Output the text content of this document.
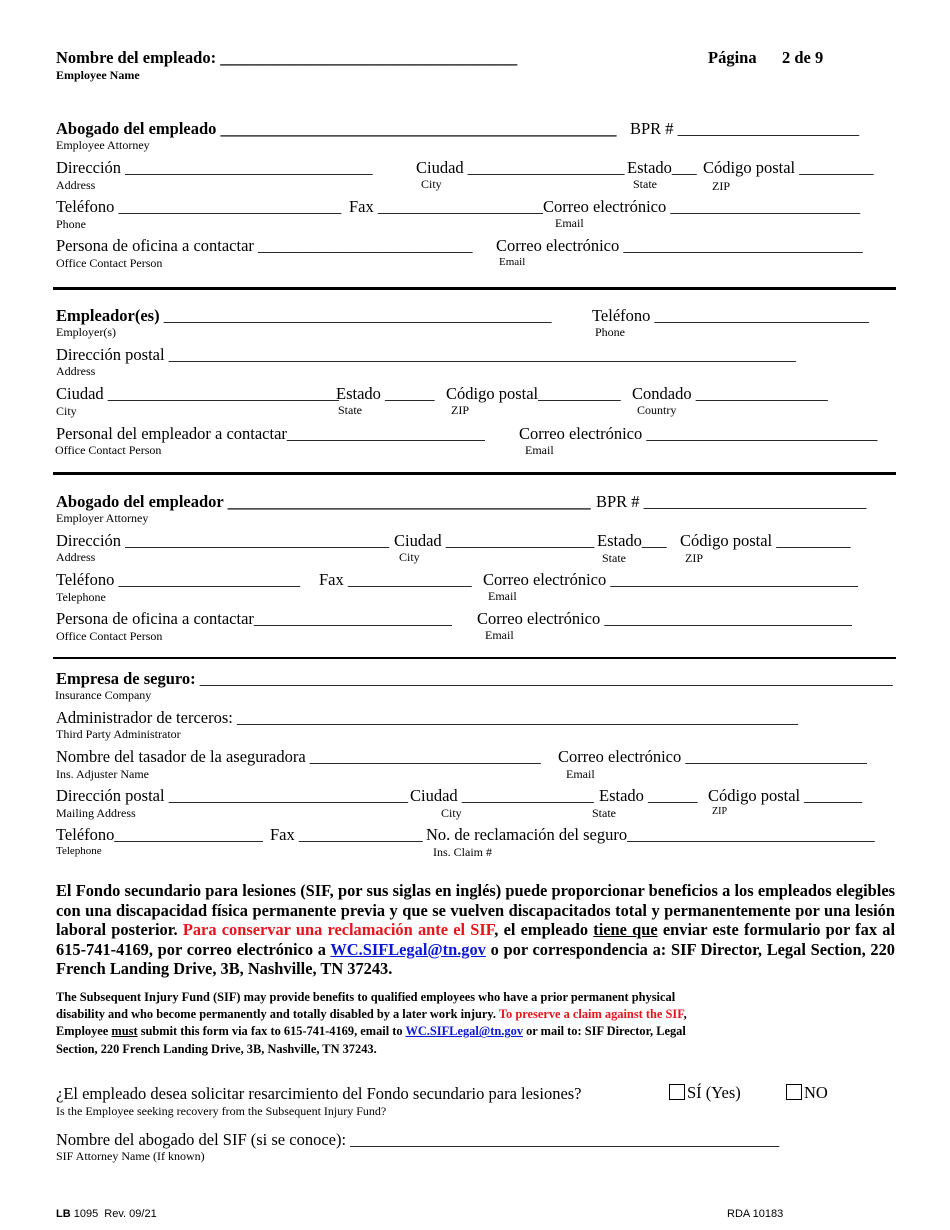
Nombre del empleado: ____________________________________
Employee Name
Página 2 de 9
Abogado del empleado ________________________________________________
Employee Attorney
BPR # ______________________
Dirección ______________________________
Address
Ciudad ___________________
City
Estado___
State
Código postal _________
ZIP
Teléfono ___________________________
Phone
Fax ____________________ Correo electrónico _______________________
Email
Persona de oficina a contactar __________________________
Office Contact Person
Correo electrónico _____________________________
Email
Empleador(es) _______________________________________________
Employer(s)
Teléfono __________________________
Phone
Dirección postal ____________________________________________________________________________
Address
Ciudad ____________________________
City
Estado ______
State
Código postal__________
ZIP
Condado ________________
Country
Personal del empleador a contactar________________________
Office Contact Person
Correo electrónico ____________________________
Email
Abogado del empleador ____________________________________________
Employer Attorney
BPR # ___________________________
Dirección ________________________________
Address
Ciudad __________________
City
Estado___
State
Código postal _________
ZIP
Teléfono ______________________
Telephone
Fax _______________ Correo electrónico ______________________________
Email
Persona de oficina a contactar________________________
Office Contact Person
Correo electrónico ______________________________
Email
Empresa de seguro: ____________________________________________________________________________________
Insurance Company
Administrador de terceros: ____________________________________________________________________
Third Party Administrator
Nombre del tasador de la aseguradora ____________________________
Ins. Adjuster Name
Correo electrónico ______________________
Email
Dirección postal _____________________________
Mailing Address
Ciudad ________________
City
Estado ______
State
Código postal _______
ZIP
Teléfono__________________
Telephone
Fax _______________ No. de reclamación del seguro______________________________
Ins. Claim #
El Fondo secundario para lesiones (SIF, por sus siglas en inglés) puede proporcionar beneficios a los empleados elegibles con una discapacidad física permanente previa y que se vuelven discapacitados total y permanentemente por una lesión laboral posterior. Para conservar una reclamación ante el SIF, el empleado tiene que enviar este formulario por fax al 615-741-4169, por correo electrónico a WC.SIFLegal@tn.gov o por correspondencia a: SIF Director, Legal Section, 220 French Landing Drive, 3B, Nashville, TN 37243.
The Subsequent Injury Fund (SIF) may provide benefits to qualified employees who have a prior permanent physical disability and who become permanently and totally disabled by a later work injury. To preserve a claim against the SIF, Employee must submit this form via fax to 615-741-4169, email to WC.SIFLegal@tn.gov or mail to: SIF Director, Legal Section, 220 French Landing Drive, 3B, Nashville, TN 37243.
¿El empleado desea solicitar resarcimiento del Fondo secundario para lesiones?
Is the Employee seeking recovery from the Subsequent Injury Fund?
SÍ (Yes)	NO
Nombre del abogado del SIF (si se conoce): ____________________________________________________
SIF Attorney Name (If known)
LB 1095  Rev. 09/21	RDA 10183
